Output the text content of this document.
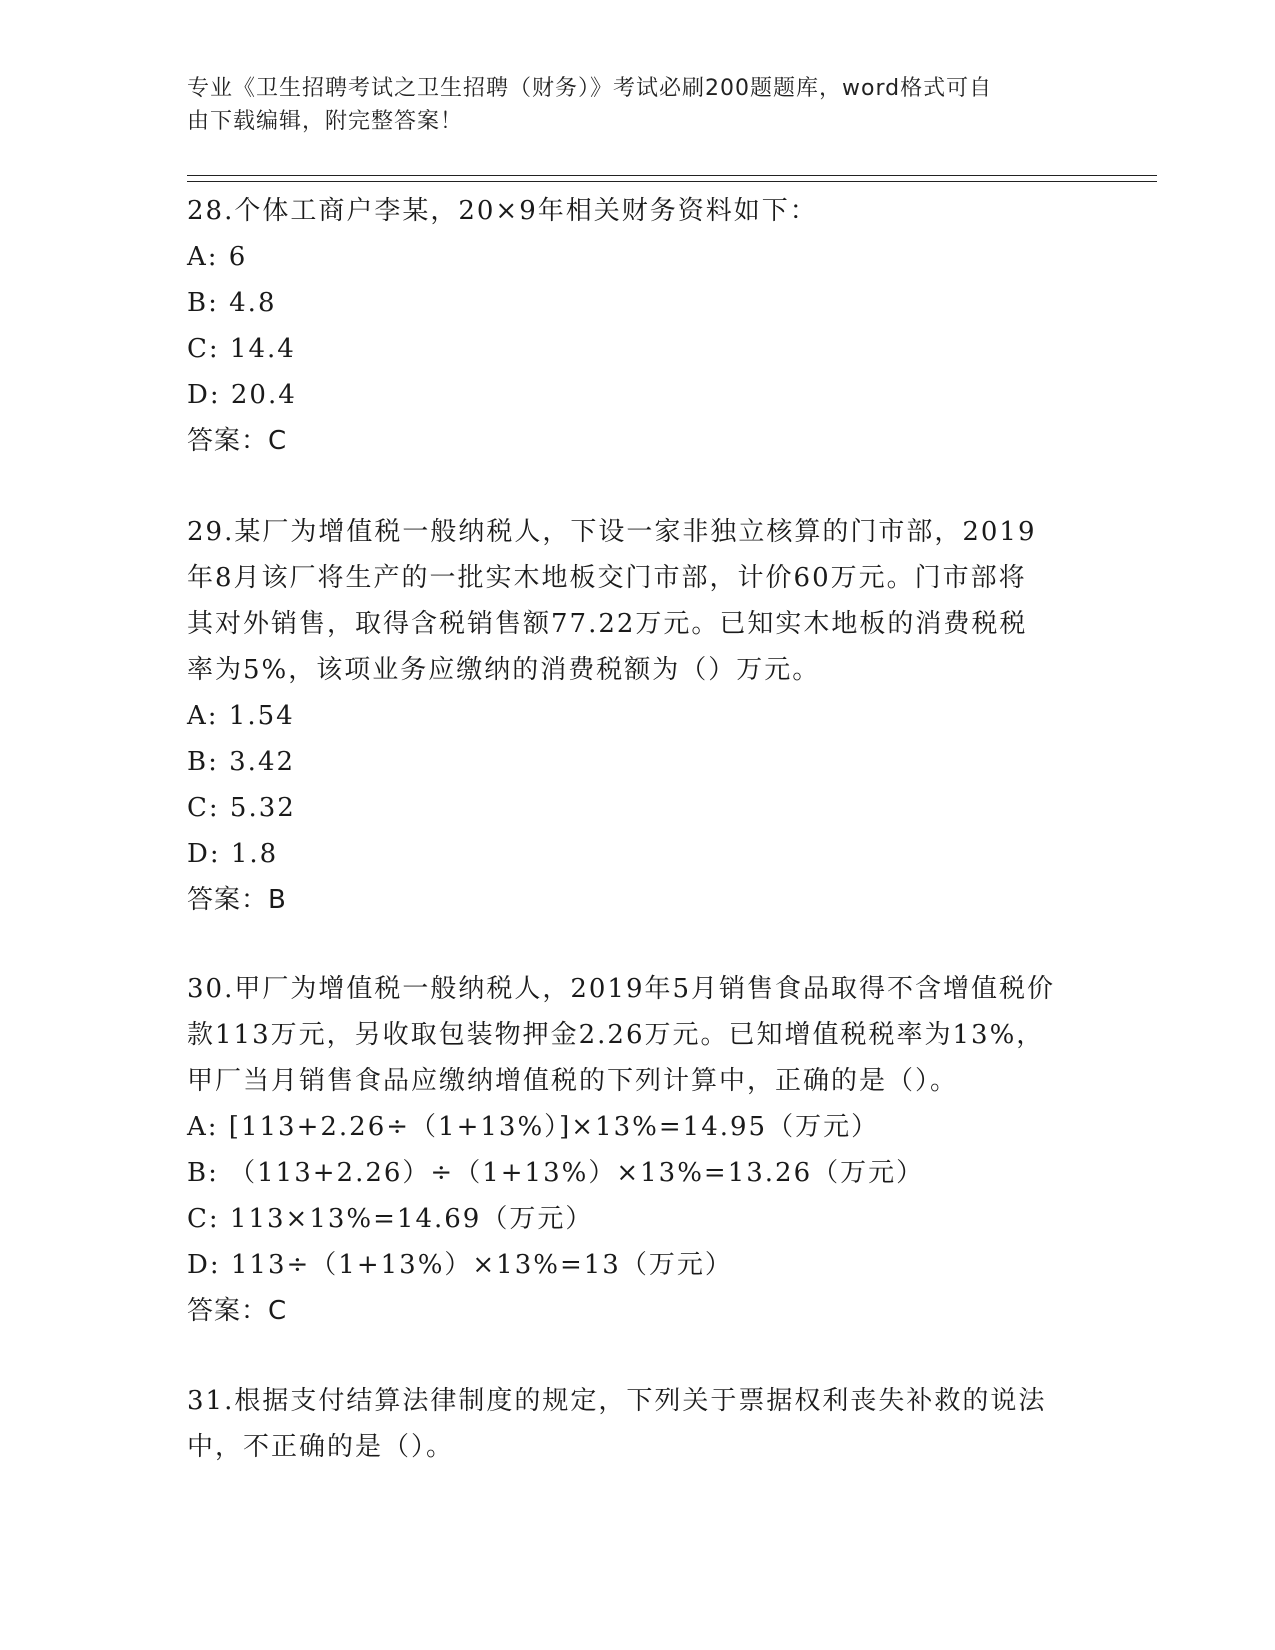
专业《卫生招聘考试之卫生招聘（财务）》考试必刷200题题库，word格式可自
由下载编辑，附完整答案！
28.个体工商户李某，20×9年相关财务资料如下：
A: 6
B: 4.8
C: 14.4
D: 20.4
答案：C
29.某厂为增值税一般纳税人，下设一家非独立核算的门市部，2019
年8月该厂将生产的一批实木地板交门市部，计价60万元。门市部将
其对外销售，取得含税销售额77.22万元。已知实木地板的消费税税
率为5%，该项业务应缴纳的消费税额为（）万元。
A: 1.54
B: 3.42
C: 5.32
D: 1.8
答案：B
30.甲厂为增值税一般纳税人，2019年5月销售食品取得不含增值税价
款113万元，另收取包装物押金2.26万元。已知增值税税率为13%，
甲厂当月销售食品应缴纳增值税的下列计算中，正确的是（）。
A: [113+2.26÷（1+13%）]×13%=14.95（万元）
B: （113+2.26）÷（1+13%）×13%=13.26（万元）
C: 113×13%=14.69（万元）
D: 113÷（1+13%）×13%=13（万元）
答案：C
31.根据支付结算法律制度的规定，下列关于票据权利丧失补救的说法
中，不正确的是（）。
